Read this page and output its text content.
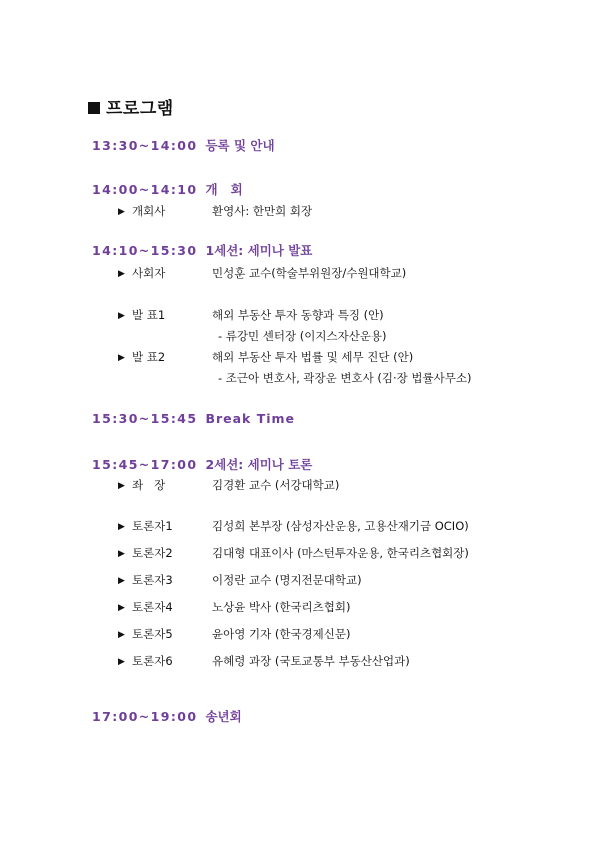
프로그램
13:30~14:00 등록 및 안내
14:00~14:10 개   회
▶ 개회사	환영사: 한만희 회장
14:10~15:30 1세션: 세미나 발표
▶ 사회자	민성훈 교수(학술부위원장/수원대학교)
▶ 발 표1	해외 부동산 투자 동향과 특징 (안)
- 류강민 센터장 (이지스자산운용)
▶ 발 표2	해외 부동산 투자 법률 및 세무 진단 (안)
- 조근아 변호사, 곽장운 변호사 (김·장 법률사무소)
15:30~15:45 Break Time
15:45~17:00 2세션: 세미나 토론
▶ 좌   장	김경환 교수 (서강대학교)
▶ 토론자1	김성희 본부장 (삼성자산운용, 고용산재기금 OCIO)
▶ 토론자2	김대형 대표이사 (마스턴투자운용, 한국리츠협회장)
▶ 토론자3	이정란 교수 (명지전문대학교)
▶ 토론자4	노상윤 박사 (한국리츠협회)
▶ 토론자5	윤아영 기자 (한국경제신문)
▶ 토론자6	유혜령 과장 (국토교통부 부동산산업과)
17:00~19:00 송년회
